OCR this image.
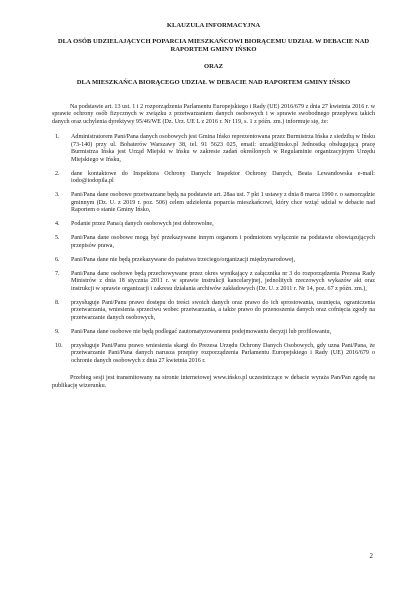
KLAUZULA INFORMACYJNA

DLA OSÓB UDZIELAJĄCYCH POPARCIA MIESZKAŃCOWI BIORĄCEMU UDZIAŁ W DEBACIE NAD RAPORTEM GMINY IŃSKO

ORAZ

DLA MIESZKAŃCA BIORĄCEGO UDZIAŁ W DEBACIE NAD RAPORTEM GMINY IŃSKO

Na podstawie art. 13 ust. 1 i 2 rozporządzenia Parlamentu Europejskiego i Rady (UE) 2016/679 z dnia 27 kwietnia 2016 r. w sprawie ochrony osób fizycznych w związku z przetwarzaniem danych osobowych i w sprawie swobodnego przepływu takich danych oraz uchylenia dyrektywy 95/46/WE (Dz. Urz. UE L z 2016 r. Nr 119, s. 1 z późn. zm.) informuje się, że:

1.	Administratorem Pani/Pana danych osobowych jest Gmina Ińsko reprezentowana przez Burmistrza Ińska z siedzibą w Ińsku (73-140) przy ul. Bohaterów Warszawy 38, tel. 91 5623 025, email: urzad@insko.pl Jednostką obsługującą pracę Burmistrza Ińska jest Urząd Miejski w Ińsku w zakresie zadań określonych w Regulaminie organizacyjnym Urzędu Miejskiego w Ińsku,
2.	dane kontaktowe do Inspektora Ochrony Danych: Inspektor Ochrony Danych, Beata Lewandowska e-mail: iodo@iodopila.pl
3.	Pani/Pana dane osobowe przetwarzane będą na podstawie art. 28aa ust. 7 pkt 1 ustawy z dnia 8 marca 1990 r. o samorządzie gminnym (Dz. U. z 2019 r. poz. 506) celem udzielenia poparcia mieszkańcowi, który chce wziąć udział w debacie nad Raportem o stanie Gminy Ińsko,
4.	Podanie przez Pana/ą danych osobowych jest dobrowolne,
5.	Pani/Pana dane osobowe mogą być przekazywane innym organom i podmiotom wyłącznie na podstawie obowiązujących przepisów prawa,
6.	Pani/Pana dane nie będą przekazywane do państwa trzeciego/organizacji międzynarodowej,
7.	Pani/Pana dane osobowe będą przechowywane przez okres wynikający z załącznika nr 3 do rozporządzenia Prezesa Rady Ministrów z dnia 18 stycznia 2011 r. w sprawie instrukcji kancelaryjnej, jednolitych rzeczowych wykazów akt oraz instrukcji w sprawie organizacji i zakresu działania archiwów zakładowych (Dz. U. z 2011 r. Nr 14, poz. 67 z późn. zm.),
8.	przysługuje Pani/Panu prawo dostępu do treści swoich danych oraz prawo do ich sprostowania, usunięcia, ograniczenia przetwarzania, wniesienia sprzeciwu wobec przetwarzania, a także prawo do przenoszenia danych oraz cofnięcia zgody na przetwarzanie danych osobowych,
9.	Pani/Pana dane osobowe nie będą podlegać zautomatyzowanemu podejmowaniu decyzji lub profilowaniu,
10.	przysługuje Pani/Panu prawo wniesienia skargi do Prezesa Urzędu Ochrony Danych Osobowych, gdy uzna Pani/Pana, że przetwarzanie Pani/Pana danych narusza przepisy rozporządzenia Parlamentu Europejskiego i Rady (UE) 2016/679 o ochronie danych osobowych z dnia 27 kwietnia 2016 r.

Przebieg sesji jest transmitowany na stronie internetowej www.ińsko.pl uczestniczące w debacie wyraża Pan/Pan zgodę na publikację wizerunku.

2
